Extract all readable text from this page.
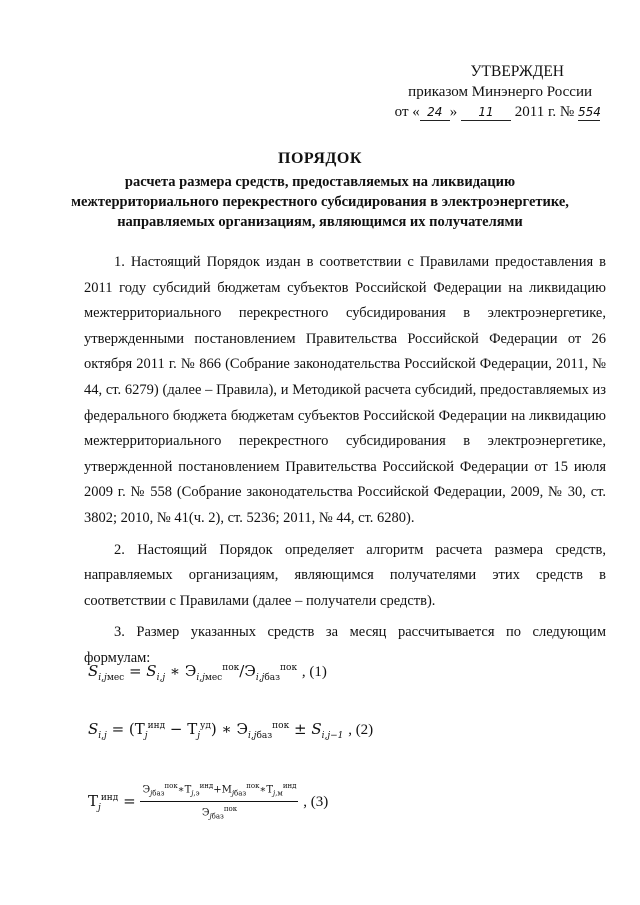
УТВЕРЖДЕН
приказом Минэнерго России
от « 24 » 11 2011 г. № 554
ПОРЯДОК
расчета размера средств, предоставляемых на ликвидацию
межтерриториального перекрестного субсидирования в электроэнергетике,
направляемых организациям, являющимся их получателями

1. Настоящий Порядок издан в соответствии с Правилами предоставления в 2011 году субсидий бюджетам субъектов Российской Федерации на ликвидацию межтерриториального перекрестного субсидирования в электроэнергетике, утвержденными постановлением Правительства Российской Федерации от 26 октября 2011 г. № 866 (Собрание законодательства Российской Федерации, 2011, № 44, ст. 6279) (далее – Правила), и Методикой расчета субсидий, предоставляемых из федерального бюджета бюджетам субъектов Российской Федерации на ликвидацию межтерриториального перекрестного субсидирования в электроэнергетике, утвержденной постановлением Правительства Российской Федерации от 15 июля 2009 г. № 558 (Собрание законодательства Российской Федерации, 2009, № 30, ст. 3802; 2010, № 41(ч. 2), ст. 5236; 2011, № 44, ст. 6280).

2. Настоящий Порядок определяет алгоритм расчета размера средств, направляемых организациям, являющимся получателями этих средств в соответствии с Правилами (далее – получатели средств).

3. Размер указанных средств за месяц рассчитывается по следующим формулам:

$S_{i,jмес} = S_{i,j}$ ∗ $Э_{i,jмес}^{пок}/Э_{i,jбаз}^{пок}$ , (1)
$S_{i,j} = (Т_j^{инд} - Т_j^{уд})$ ∗ $Э_{i,jбаз}^{пок} \pm S_{i,j-1}$ , (2)
$Т_j^{инд} = \frac{Э_{jбаз}^{пок}∗Т_{j,э}^{инд}+М_{jбаз}^{пок}∗Т_{j,м}^{инд}}{Э_{jбаз}^{пок}}$ , (3)
